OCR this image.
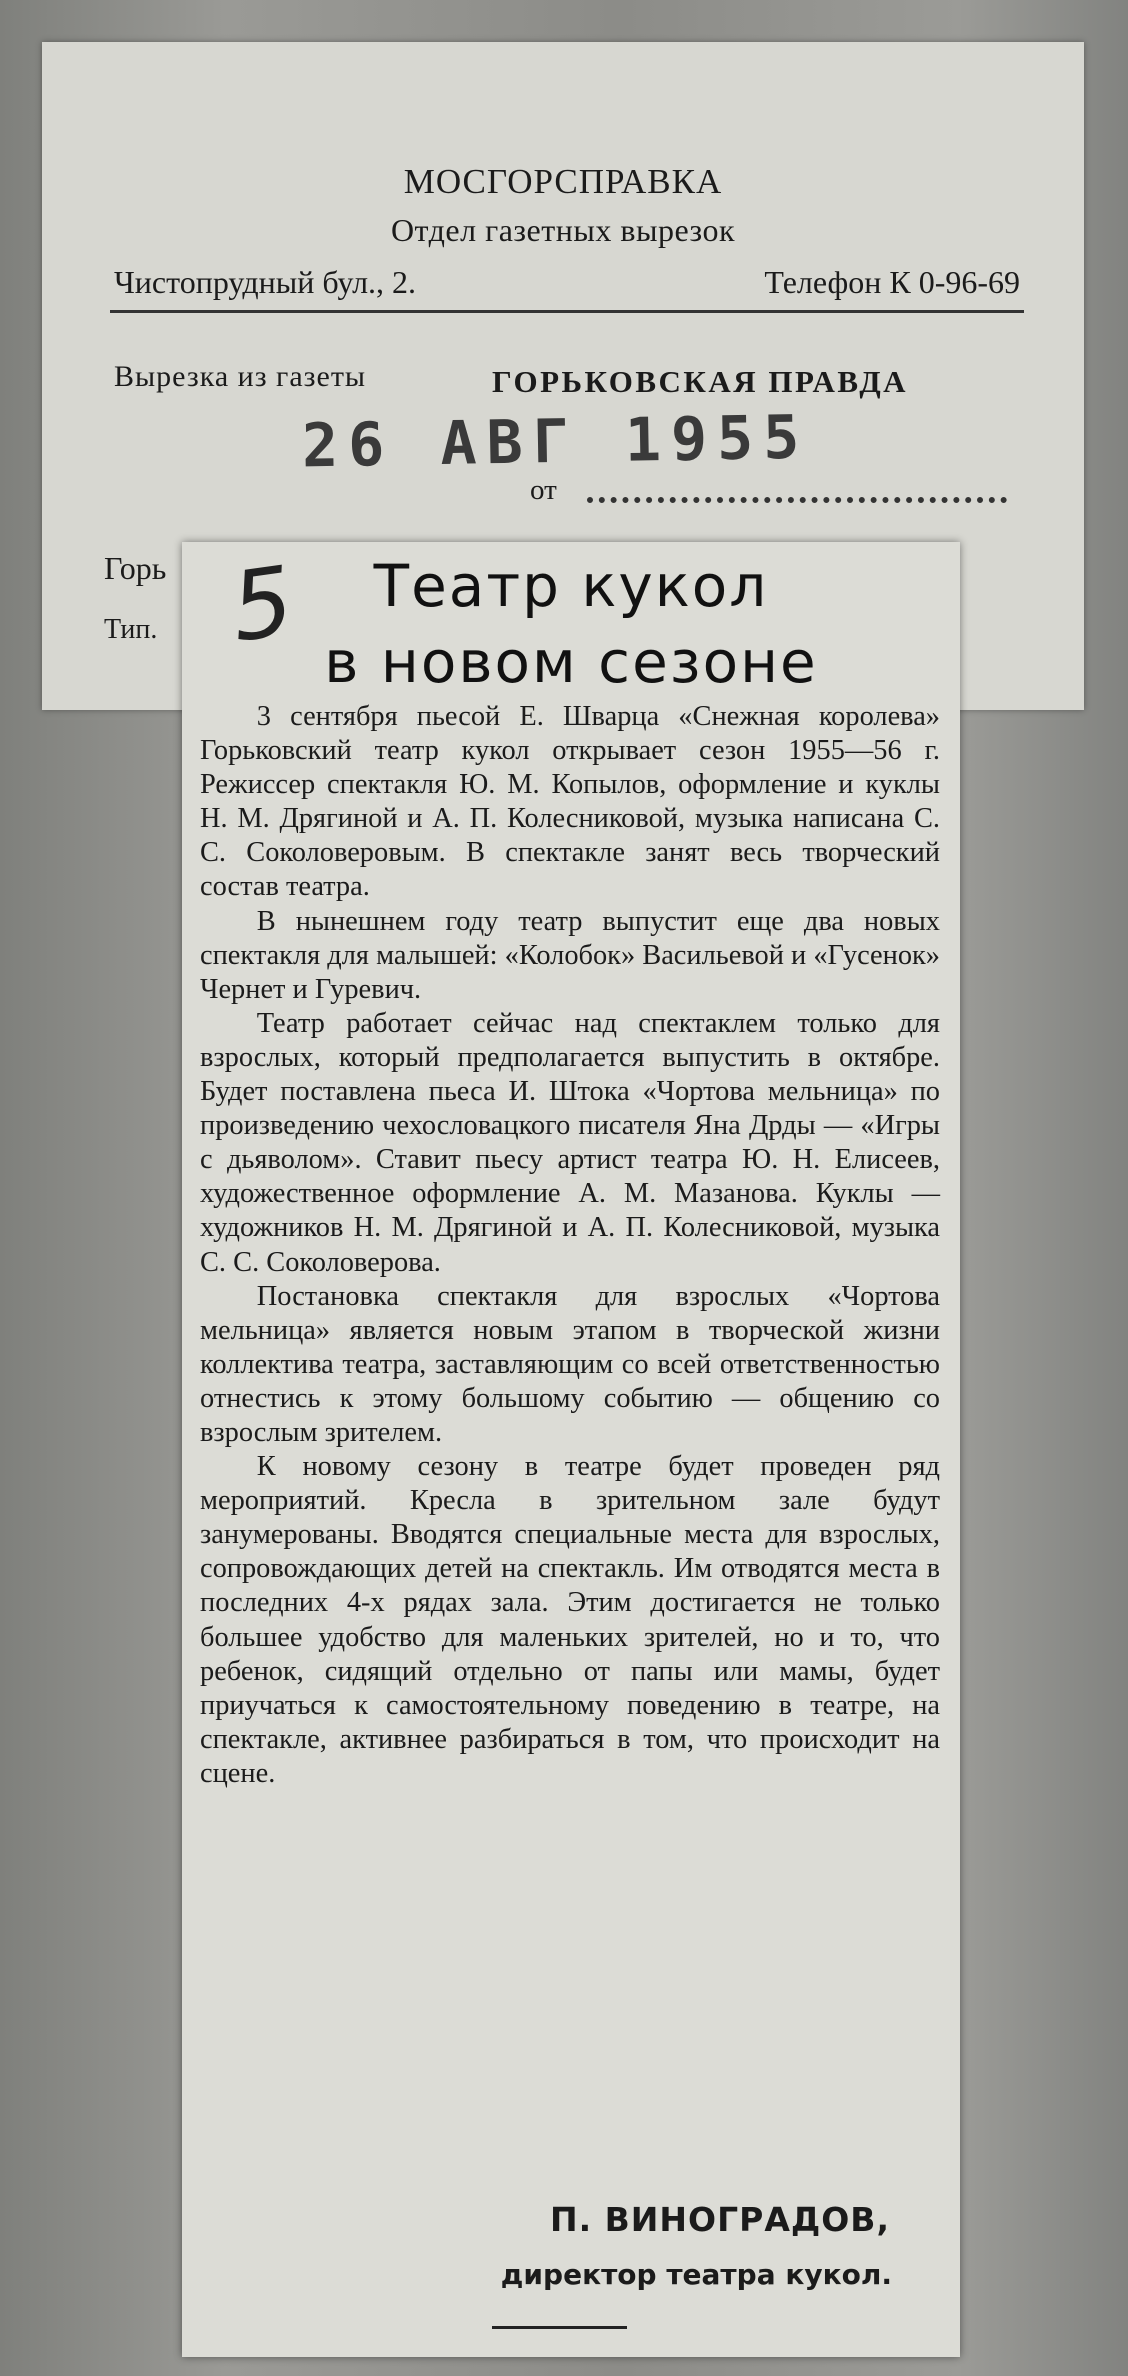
МОСГОРСПРАВКА
Отдел газетных вырезок
Чистопрудный бул., 2.	Телефон К 0-96-69
Вырезка из газеты	ГОРЬКОВСКАЯ ПРАВДА
26 АВГ 1955
от
Горь
Тип. 5	Театр кукол
в новом сезоне

3 сентября пьесой Е. Шварца «Снежная королева» Горьковский театр кукол открывает сезон 1955—56 г. Режиссер спектакля Ю. М. Копылов, оформление и куклы Н. М. Дрягиной и А. П. Колесниковой, музыка написана С. С. Соколоверовым. В спектакле занят весь творческий состав театра.

В нынешнем году театр выпустит еще два новых спектакля для малышей: «Колобок» Васильевой и «Гусенок» Чернет и Гуревич.

Театр работает сейчас над спектаклем только для взрослых, который предполагается выпустить в октябре. Будет поставлена пьеса И. Штока «Чортова мельница» по произведению чехословацкого писателя Яна Дрды — «Игры с дьяволом». Ставит пьесу артист театра Ю. Н. Елисеев, художественное оформление А. М. Мазанова. Куклы — художников Н. М. Дрягиной и А. П. Колесниковой, музыка С. С. Соколоверова.

Постановка спектакля для взрослых «Чортова мельница» является новым этапом в творческой жизни коллектива театра, заставляющим со всей ответственностью отнестись к этому большому событию — общению со взрослым зрителем.

К новому сезону в театре будет проведен ряд мероприятий. Кресла в зрительном зале будут занумерованы. Вводятся специальные места для взрослых, сопровождающих детей на спектакль. Им отводятся места в последних 4-х рядах зала. Этим достигается не только большее удобство для маленьких зрителей, но и то, что ребенок, сидящий отдельно от папы или мамы, будет приучаться к самостоятельному поведению в театре, на спектакле, активнее разбираться в том, что происходит на сцене.

П. ВИНОГРАДОВ,
директор театра кукол.
